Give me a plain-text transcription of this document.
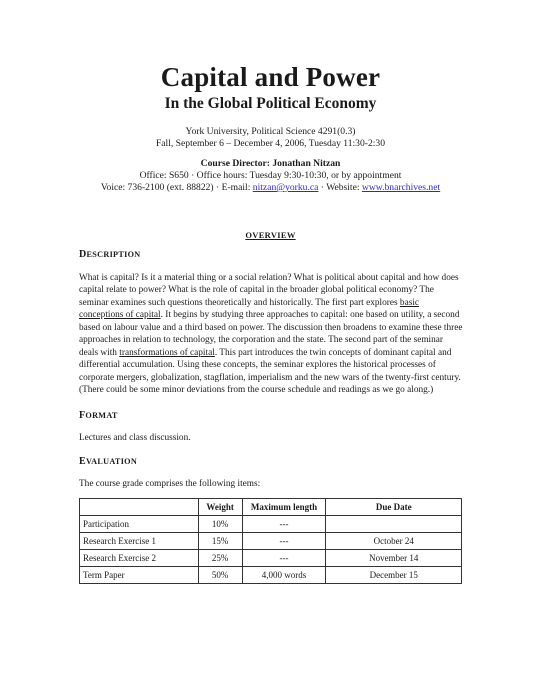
Capital and Power
In the Global Political Economy
York University, Political Science 4291(0.3)
Fall, September 6 – December 4, 2006, Tuesday 11:30-2:30
Course Director: Jonathan Nitzan
Office: S650 · Office hours: Tuesday 9:30-10:30, or by appointment
Voice: 736-2100 (ext. 88822) · E-mail: nitzan@yorku.ca · Website: www.bnarchives.net
OVERVIEW
DESCRIPTION
What is capital? Is it a material thing or a social relation? What is political about capital and how does capital relate to power? What is the role of capital in the broader global political economy? The seminar examines such questions theoretically and historically. The first part explores basic conceptions of capital. It begins by studying three approaches to capital: one based on utility, a second based on labour value and a third based on power. The discussion then broadens to examine these three approaches in relation to technology, the corporation and the state. The second part of the seminar deals with transformations of capital. This part introduces the twin concepts of dominant capital and differential accumulation. Using these concepts, the seminar explores the historical processes of corporate mergers, globalization, stagflation, imperialism and the new wars of the twenty-first century. (There could be some minor deviations from the course schedule and readings as we go along.)
FORMAT
Lectures and class discussion.
EVALUATION
The course grade comprises the following items:
	Weight	Maximum length	Due Date
Participation	10%	---	
Research Exercise 1	15%	---	October 24
Research Exercise 2	25%	---	November 14
Term Paper	50%	4,000 words	December 15
